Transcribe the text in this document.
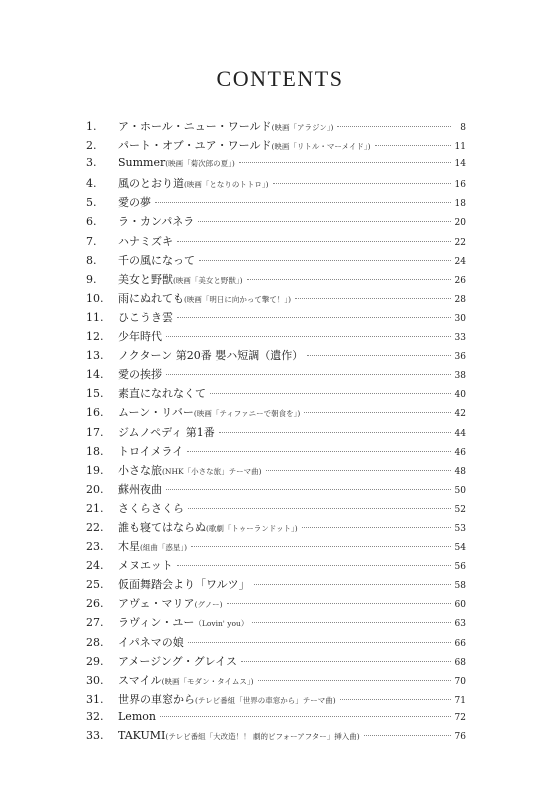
CONTENTS
1.	ア・ホール・ニュー・ワールド(映画「アラジン」)	8
2.	パート・オブ・ユア・ワールド(映画「リトル・マーメイド」)	11
3.	Summer(映画「菊次郎の夏」)	14
4.	風のとおり道(映画「となりのトトロ」)	16
5.	愛の夢	18
6.	ラ・カンパネラ	20
7.	ハナミズキ	22
8.	千の風になって	24
9.	美女と野獣(映画「美女と野獣」)	26
10.	雨にぬれても(映画「明日に向かって撃て！」)	28
11.	ひこうき雲	30
12.	少年時代	33
13.	ノクターン 第20番 嬰ハ短調（遺作）	36
14.	愛の挨拶	38
15.	素直になれなくて	40
16.	ムーン・リバー(映画「ティファニーで朝食を」)	42
17.	ジムノペディ 第1番	44
18.	トロイメライ	46
19.	小さな旅(NHK「小さな旅」テーマ曲)	48
20.	蘇州夜曲	50
21.	さくらさくら	52
22.	誰も寝てはならぬ(歌劇「トゥーランドット」)	53
23.	木星(組曲「惑星」)	54
24.	メヌエット	56
25.	仮面舞踏会より「ワルツ」	58
26.	アヴェ・マリア(グノー)	60
27.	ラヴィン・ユー（Lovin' you）	63
28.	イパネマの娘	66
29.	アメージング・グレイス	68
30.	スマイル(映画「モダン・タイムス」)	70
31.	世界の車窓から(テレビ番組「世界の車窓から」テーマ曲)	71
32.	Lemon	72
33.	TAKUMI(テレビ番組「大改造！！ 劇的ビフォーアフター」挿入曲)	76
